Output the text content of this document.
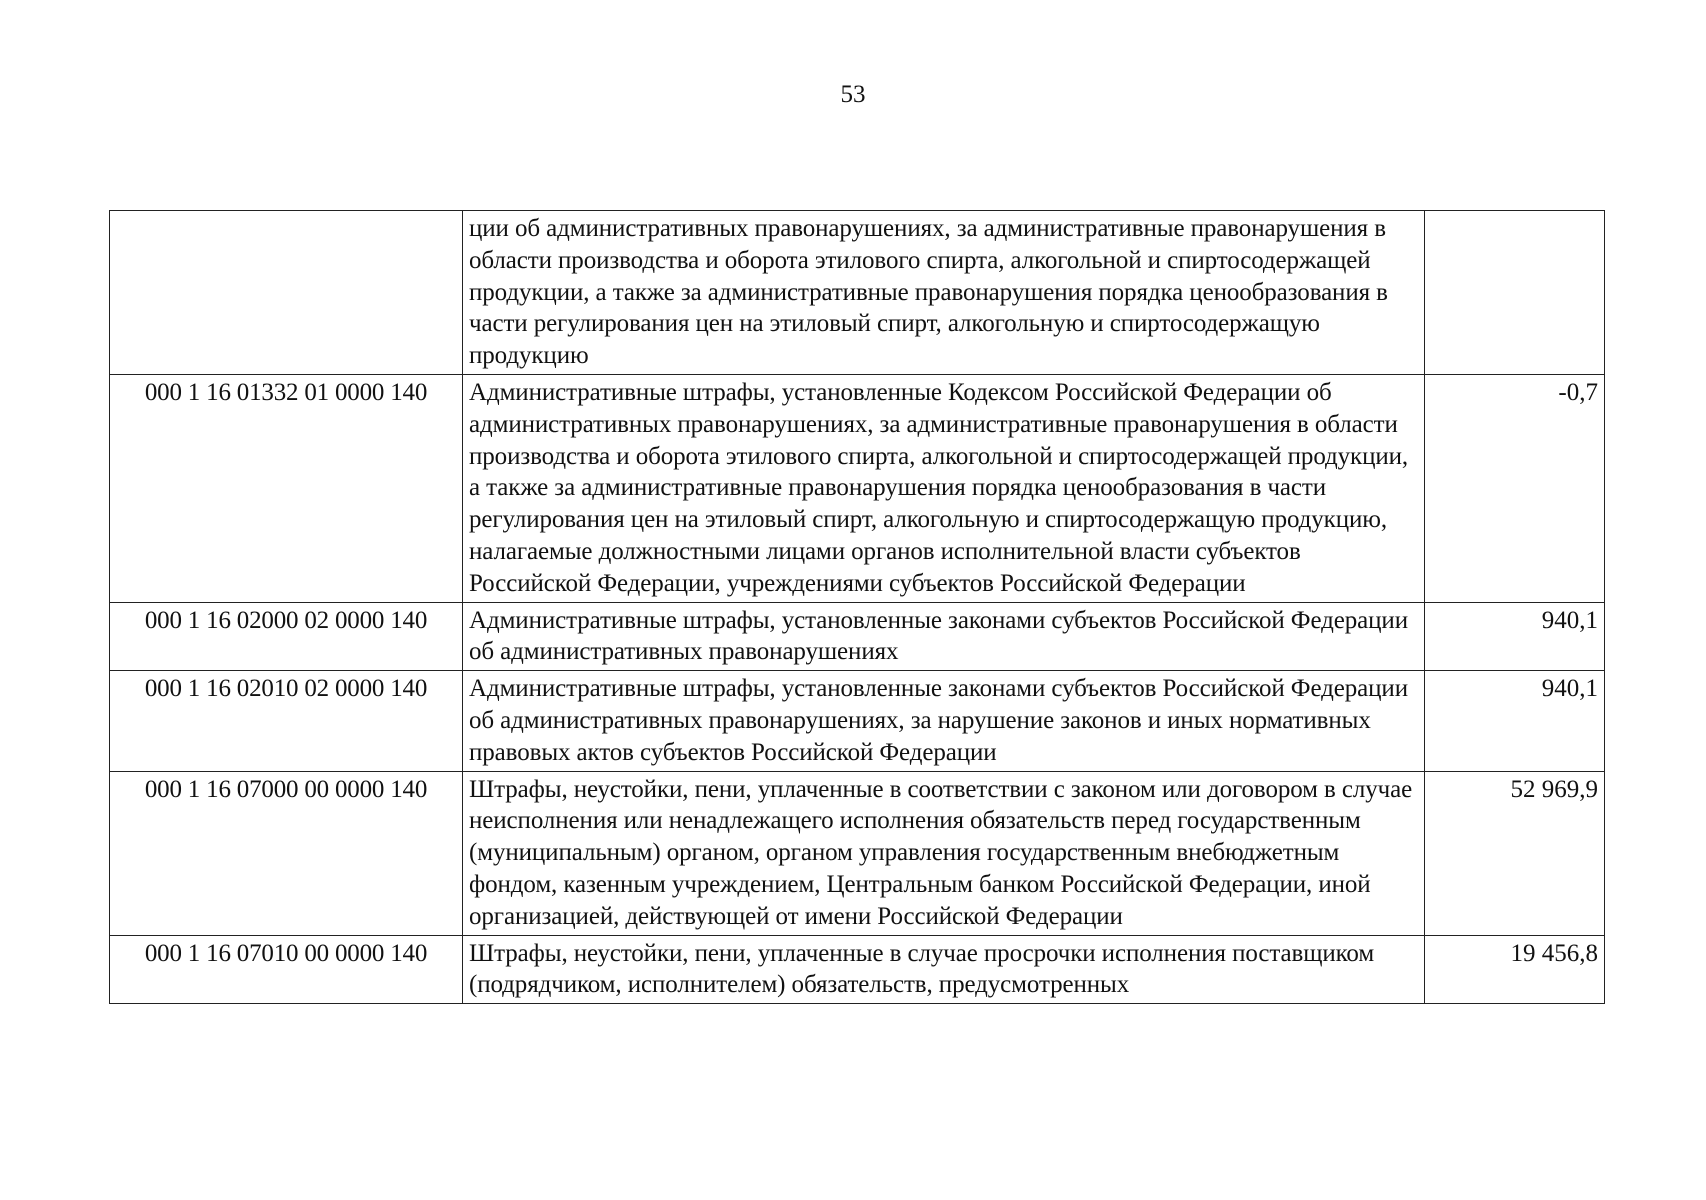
53
	ции об административных правонарушениях, за административные правонарушения в области производства и оборота этилового спирта, алкогольной и спиртосодержащей продукции, а также за административные правонарушения порядка ценообразования в части регулирования цен на этиловый спирт, алкогольную и спиртосодержащую продукцию	
000 1 16 01332 01 0000 140	Административные штрафы, установленные Кодексом Российской Федерации об административных правонарушениях, за административные правонарушения в области производства и оборота этилового спирта, алкогольной и спиртосодержащей продукции, а также за административные правонарушения порядка ценообразования в части регулирования цен на этиловый спирт, алкогольную и спиртосодержащую продукцию, налагаемые должностными лицами органов исполнительной власти субъектов Российской Федерации, учреждениями субъектов Российской Федерации	-0,7
000 1 16 02000 02 0000 140	Административные штрафы, установленные законами субъектов Российской Федерации об административных правонарушениях	940,1
000 1 16 02010 02 0000 140	Административные штрафы, установленные законами субъектов Российской Федерации об административных правонарушениях, за нарушение законов и иных нормативных правовых актов субъектов Российской Федерации	940,1
000 1 16 07000 00 0000 140	Штрафы, неустойки, пени, уплаченные в соответствии с законом или договором в случае неисполнения или ненадлежащего исполнения обязательств перед государственным (муниципальным) органом, органом управления государственным внебюджетным фондом, казенным учреждением, Центральным банком Российской Федерации, иной организацией, действующей от имени Российской Федерации	52 969,9
000 1 16 07010 00 0000 140	Штрафы, неустойки, пени, уплаченные в случае просрочки исполнения поставщиком (подрядчиком, исполнителем) обязательств, предусмотренных	19 456,8
